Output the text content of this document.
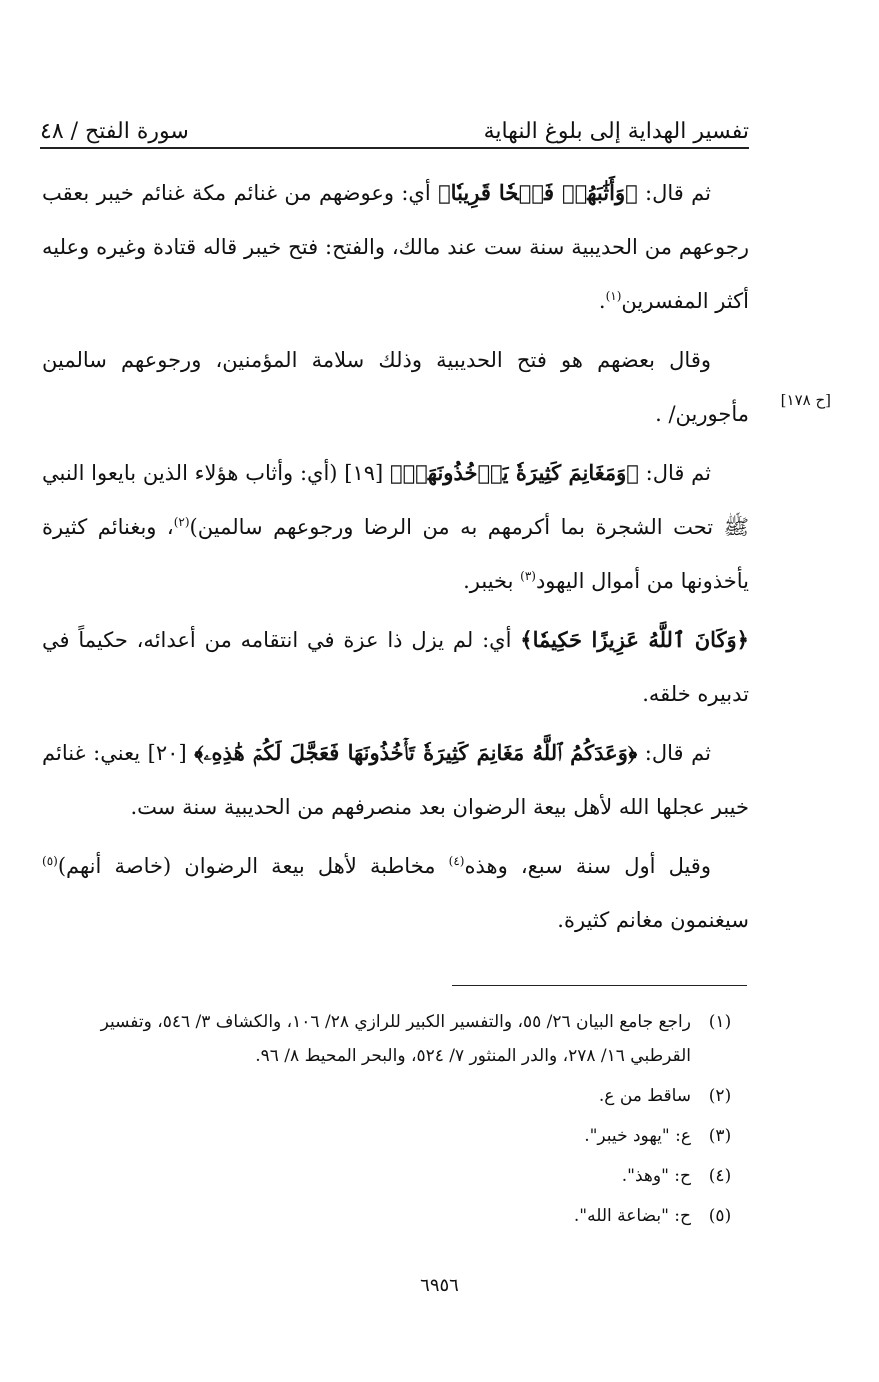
تفسير الهداية إلى بلوغ النهاية
سورة الفتح / ٤٨
[ح ١٧٨]

ثم قال: ﴿وَأَثَٰبَهُمۡ فَتۡحٗا قَرِيبٗا﴾ أي: وعوضهم من غنائم مكة غنائم خيبر بعقب رجوعهم من الحديبية سنة ست عند مالك، والفتح: فتح خيبر قاله قتادة وغيره وعليه أكثر المفسرين$^{(١)}$.

وقال بعضهم هو فتح الحديبية وذلك سلامة المؤمنين، ورجوعهم سالمين مأجورين/ .

ثم قال: ﴿وَمَغَانِمَ كَثِيرَةٗ يَأۡخُذُونَهَاۗ﴾ [١٩] (أي: وأثاب هؤلاء الذين بايعوا النبي ﷺ تحت الشجرة بما أكرمهم به من الرضا ورجوعهم سالمين)$^{(٢)}$، وبغنائم كثيرة يأخذونها من أموال اليهود$^{(٣)}$ بخيبر.

﴿وَكَانَ ٱللَّهُ عَزِيزًا حَكِيمٗا﴾ أي: لم يزل ذا عزة في انتقامه من أعدائه، حكيماً في تدبيره خلقه.

ثم قال: ﴿وَعَدَكُمُ ٱللَّهُ مَغَانِمَ كَثِيرَةٗ تَأۡخُذُونَهَا فَعَجَّلَ لَكُمۡ هَٰذِهِۦ﴾ [٢٠] يعني: غنائم خيبر عجلها الله لأهل بيعة الرضوان بعد منصرفهم من الحديبية سنة ست.

وقيل أول سنة سبع، وهذه$^{(٤)}$ مخاطبة لأهل بيعة الرضوان (خاصة أنهم)$^{(٥)}$ سيغنمون مغانم كثيرة.

(١)
راجع جامع البيان ٢٦/ ٥٥، والتفسير الكبير للرازي ٢٨/ ١٠٦، والكشاف ٣/ ٥٤٦، وتفسير القرطبي ١٦/ ٢٧٨، والدر المنثور ٧/ ٥٢٤، والبحر المحيط ٨/ ٩٦.
(٢)
ساقط من ع.
(٣)
ع: "يهود خيبر".
(٤)
ح: "وهذ".
(٥)
ح: "بضاعة الله".
٦٩٥٦
